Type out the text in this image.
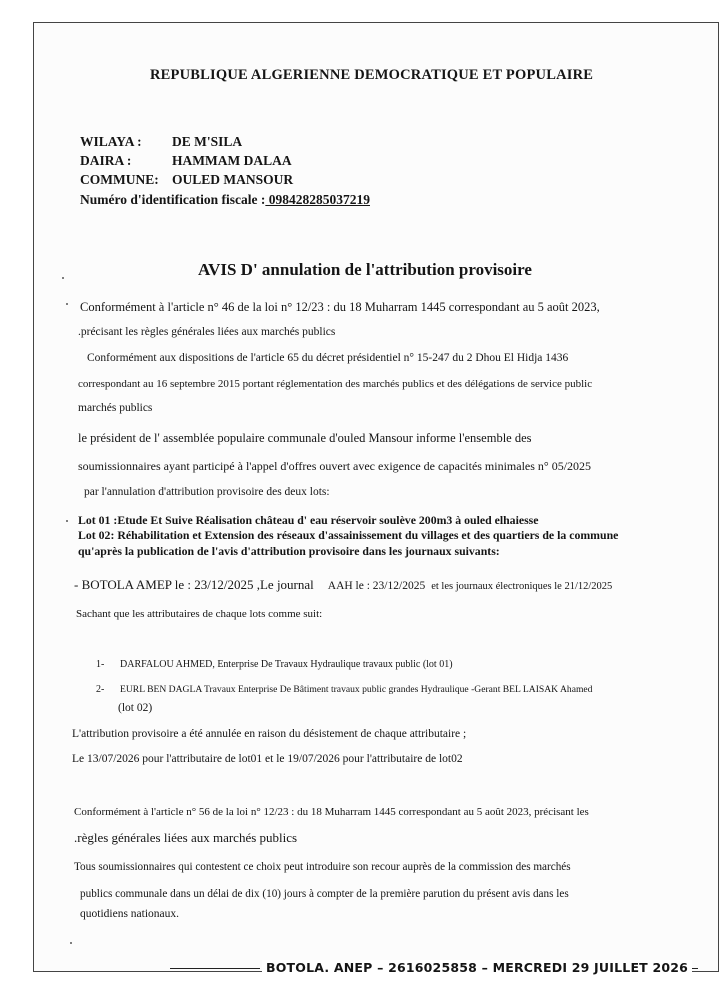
REPUBLIQUE ALGERIENNE DEMOCRATIQUE ET POPULAIRE
WILAYA : DE M'SILA
DAIRA :	HAMMAM DALAA
COMMUNE: OULED MANSOUR
Numéro d'identification fiscale : 098428285037219
AVIS D' annulation de l'attribution provisoire
Conformément à l'article n° 46 de la loi n° 12/23 : du 18 Muharram 1445 correspondant au 5 août 2023,
.précisant les règles générales liées aux marchés publics
Conformément aux dispositions de l'article 65 du décret présidentiel n° 15-247 du 2 Dhou El Hidja 1436
correspondant au 16 septembre 2015 portant réglementation des marchés publics et des délégations de service public
marchés publics
le président de l' assemblée populaire communale d'ouled Mansour informe l'ensemble des
soumissionnaires ayant participé à l'appel d'offres ouvert avec exigence de capacités minimales n° 05/2025
par l'annulation d'attribution provisoire des deux lots:
Lot 01 :Etude Et Suive Réalisation château d' eau réservoir soulève 200m3 à ouled elhaiesse
Lot 02: Réhabilitation et Extension des réseaux d'assainissement du villages et des quartiers de la commune
qu'après la publication de l'avis d'attribution provisoire dans les journaux suivants:
- BOTOLA AMEP le : 23/12/2025 ,Le journal AAH le : 23/12/2025 et les journaux électroniques le 21/12/2025
Sachant que les attributaires de chaque lots comme suit:
1- DARFALOU AHMED, Enterprise De Travaux Hydraulique travaux public (lot 01)
2- EURL BEN DAGLA Travaux Enterprise De Bâtiment travaux public grandes Hydraulique -Gerant BEL LAISAK Ahamed
(lot 02)
L'attribution provisoire a été annulée en raison du désistement de chaque attributaire ;
Le 13/07/2026 pour l'attributaire de lot01 et le 19/07/2026 pour l'attributaire de lot02
Conformément à l'article n° 56 de la loi n° 12/23 : du 18 Muharram 1445 correspondant au 5 août 2023, précisant les
.règles générales liées aux marchés publics
Tous soumissionnaires qui contestent ce choix peut introduire son recour auprès de la commission des marchés
publics communale dans un délai de dix (10) jours à compter de la première parution du présent avis dans les
quotidiens nationaux.
BOTOLA. ANEP – 2616025858 – MERCREDI 29 JUILLET 2026
